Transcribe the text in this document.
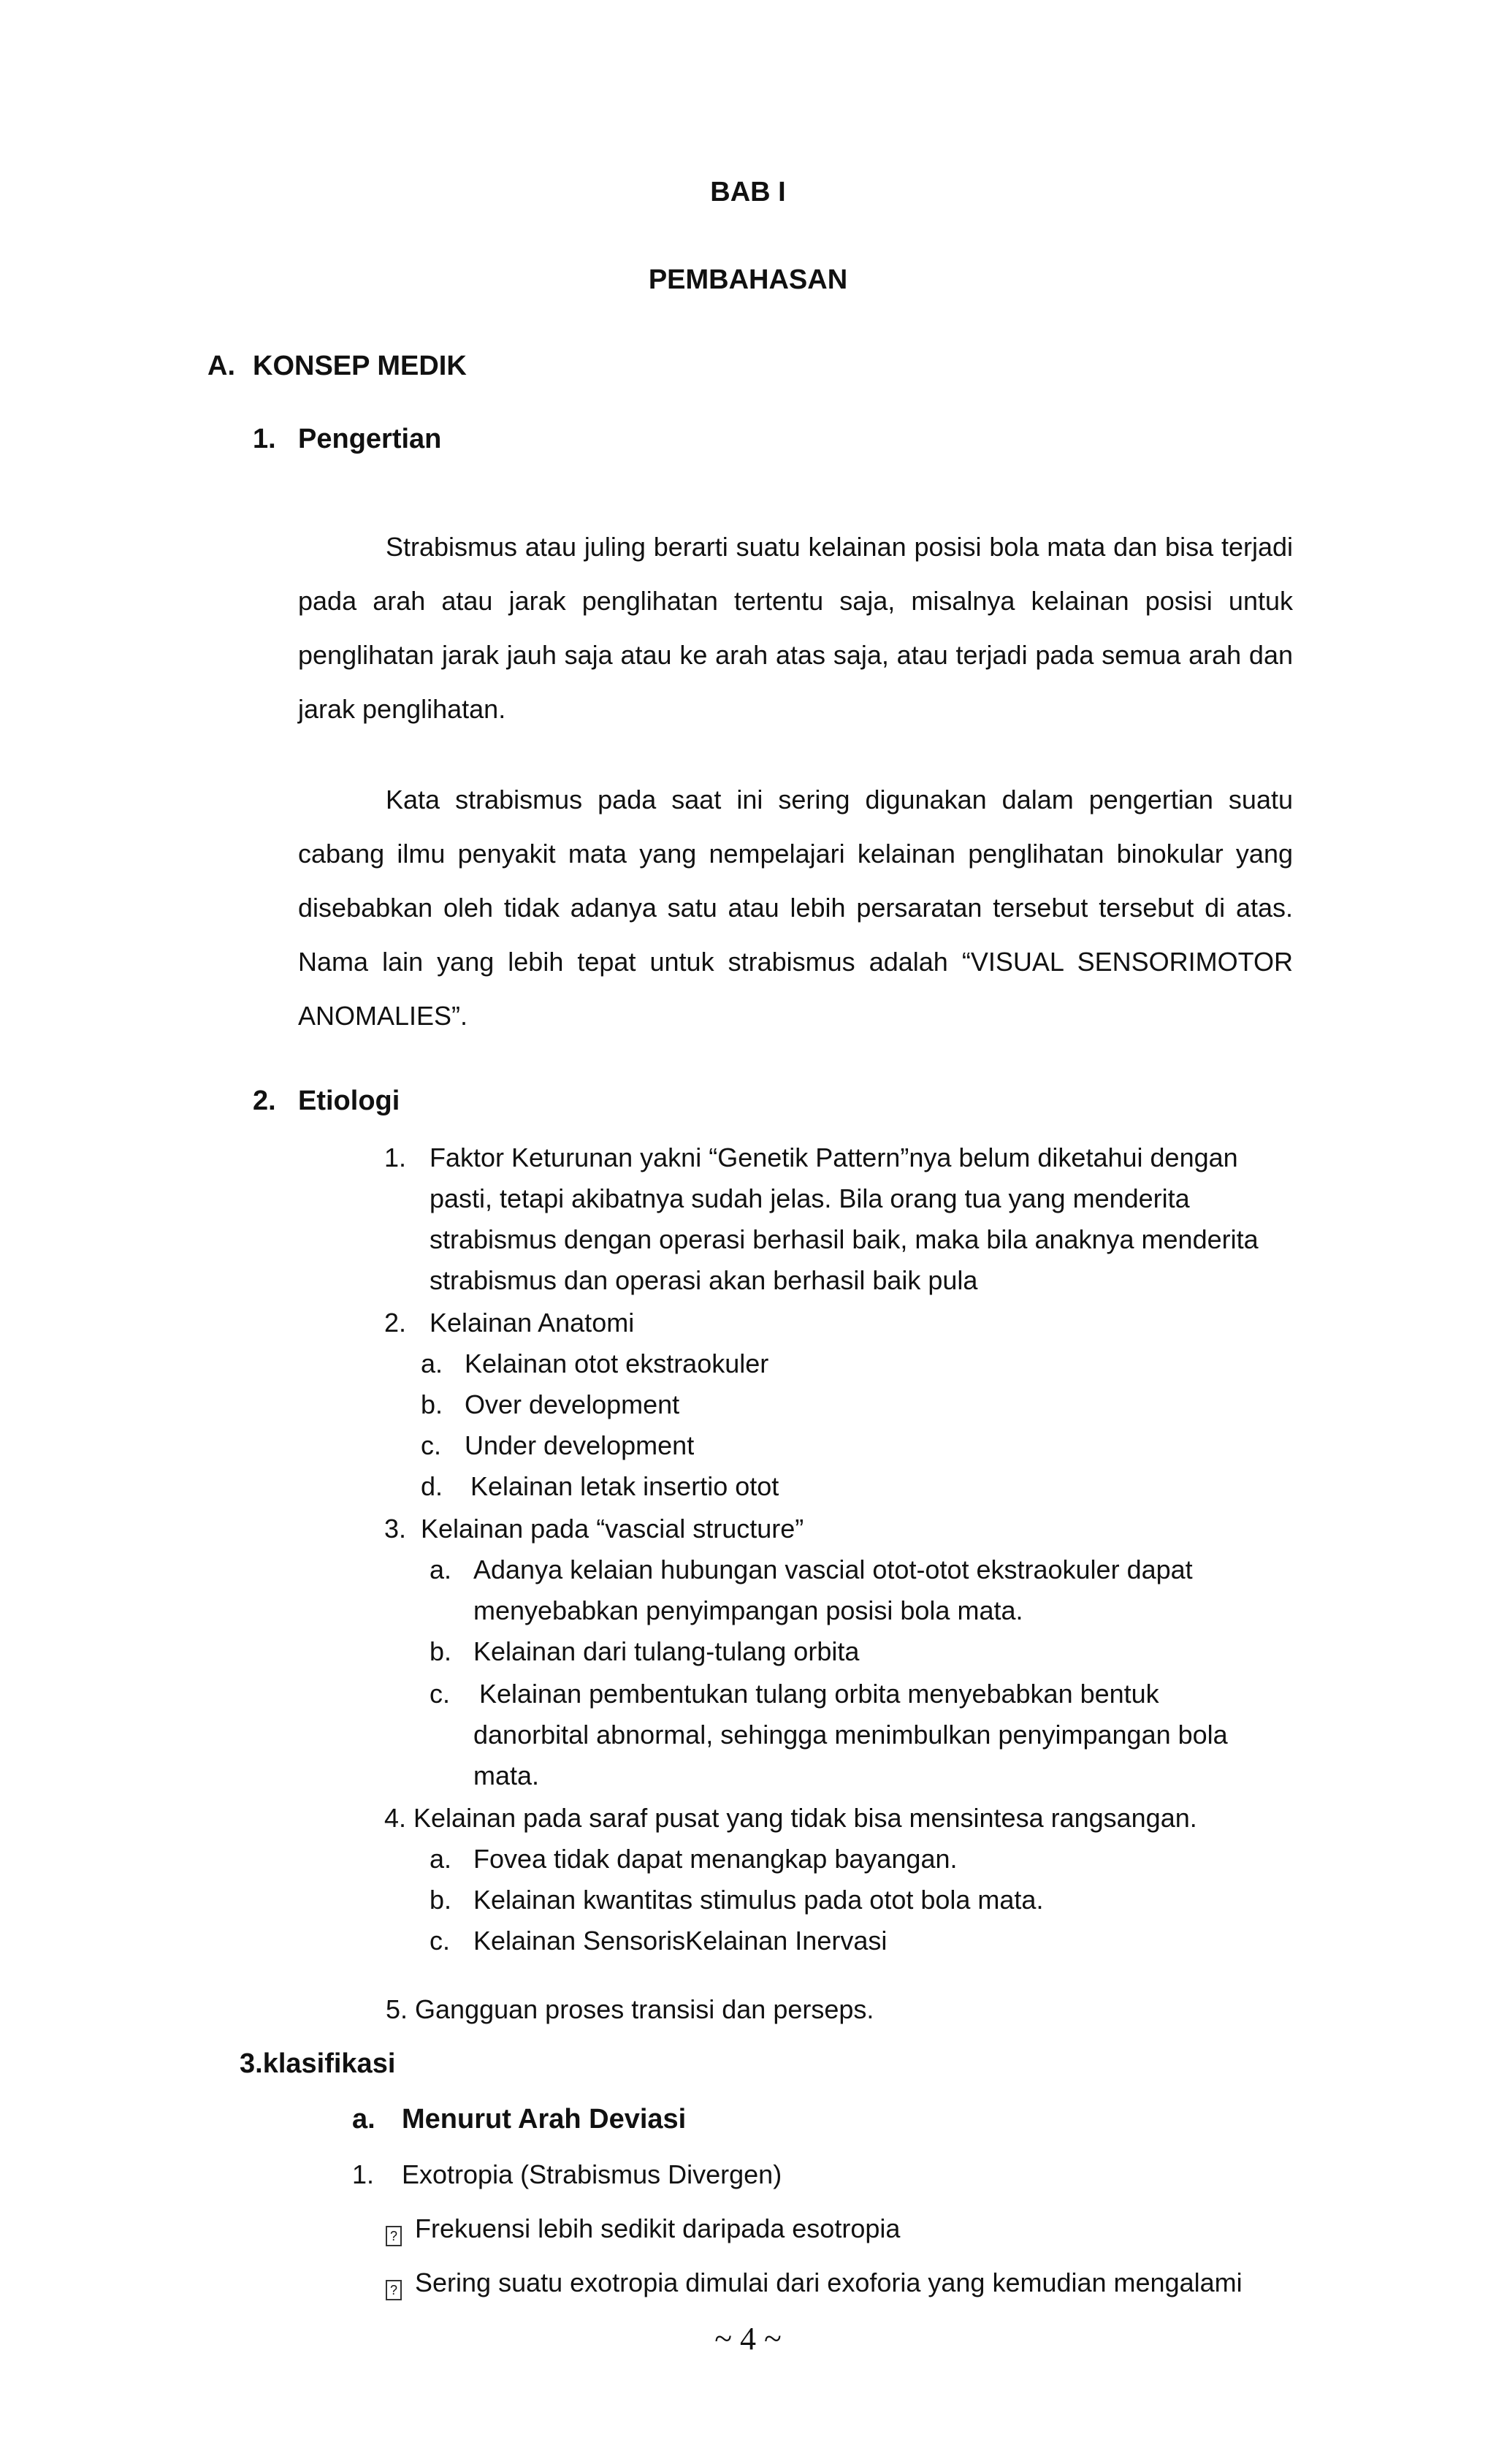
BAB I
PEMBAHASAN
A. KONSEP MEDIK
1. Pengertian
Strabismus atau juling berarti suatu kelainan posisi bola mata dan bisa terjadi pada arah atau jarak penglihatan tertentu saja, misalnya kelainan posisi untuk penglihatan jarak jauh saja atau ke arah atas saja, atau terjadi pada semua arah dan jarak penglihatan.
Kata strabismus pada saat ini sering digunakan dalam pengertian suatu cabang ilmu penyakit mata yang nempelajari kelainan penglihatan binokular yang disebabkan oleh tidak adanya satu atau lebih persaratan tersebut tersebut di atas. Nama lain yang lebih tepat untuk strabismus adalah “VISUAL SENSORIMOTOR ANOMALIES”.
2. Etiologi
1. Faktor Keturunan yakni “Genetik Pattern”nya belum diketahui dengan
pasti, tetapi akibatnya sudah jelas. Bila orang tua yang menderita
strabismus dengan operasi berhasil baik, maka bila anaknya menderita
strabismus dan operasi akan berhasil baik pula
2. Kelainan Anatomi
a. Kelainan otot ekstraokuler
b. Over development
c. Under development
d. Kelainan letak insertio otot
3. Kelainan pada “vascial structure”
a. Adanya kelaian hubungan vascial otot-otot ekstraokuler dapat
menyebabkan penyimpangan posisi bola mata.
b. Kelainan dari tulang-tulang orbita
c. Kelainan pembentukan tulang orbita menyebabkan bentuk
danorbital abnormal, sehingga menimbulkan penyimpangan bola
mata.
4. Kelainan pada saraf pusat yang tidak bisa mensintesa rangsangan.
a. Fovea tidak dapat menangkap bayangan.
b. Kelainan kwantitas stimulus pada otot bola mata.
c. Kelainan SensorisKelainan Inervasi
5. Gangguan proses transisi dan perseps.
3.klasifikasi
a. Menurut Arah Deviasi
1. Exotropia (Strabismus Divergen)
? Frekuensi lebih sedikit daripada esotropia
? Sering suatu exotropia dimulai dari exoforia yang kemudian mengalami
~ 4 ~
